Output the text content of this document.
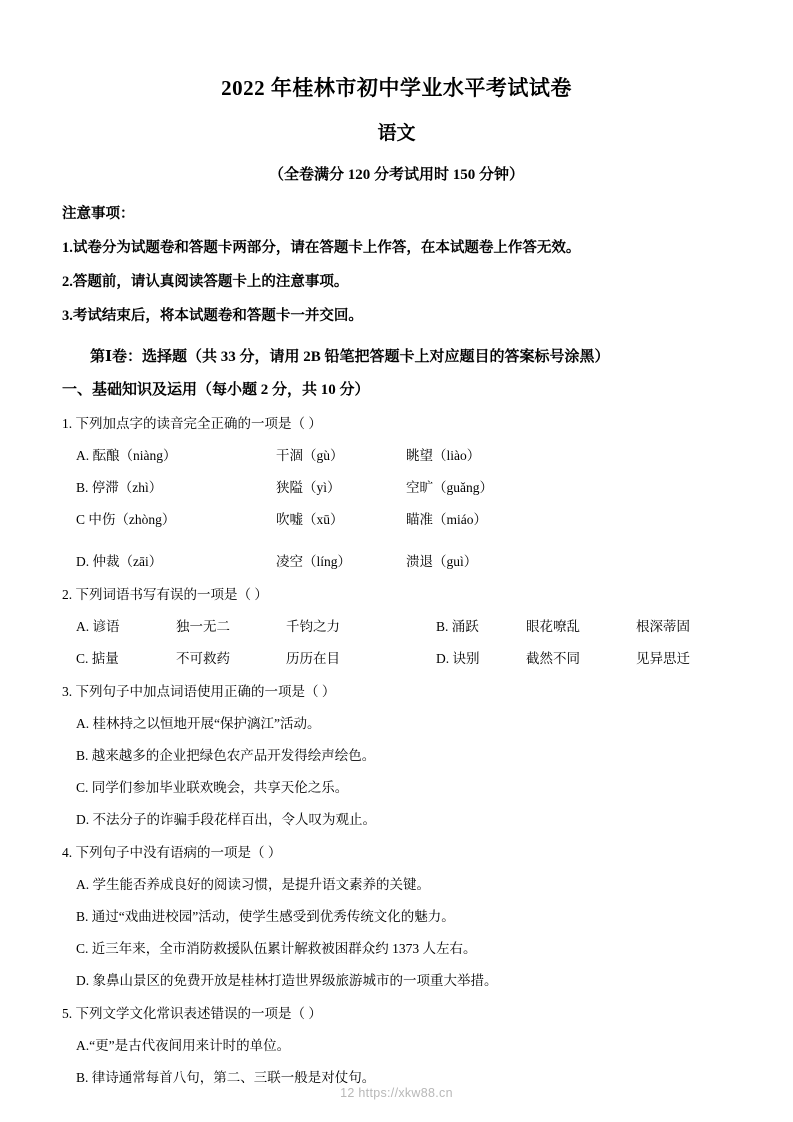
2022 年桂林市初中学业水平考试试卷
语文
（全卷满分 120 分考试用时 150 分钟）
注意事项：
1.试卷分为试题卷和答题卡两部分，请在答题卡上作答，在本试题卷上作答无效。
2.答题前，请认真阅读答题卡上的注意事项。
3.考试结束后，将本试题卷和答题卡一并交回。
第Ⅰ卷：选择题（共 33 分，请用 2B 铅笔把答题卡上对应题目的答案标号涂黑）
一、基础知识及运用（每小题 2 分，共 10 分）
1. 下列加点字的读音完全正确的一项是（ ）
A. 酝酿（niàng）	干涸（gù）	眺望（liào）
B. 停滞（zhì）	狭隘（yì）	空旷（guǎng）
C 中伤（zhòng）	吹嘘（xū）	瞄准（miáo）
D. 仲裁（zāi）	凌空（líng）	溃退（guì）
2. 下列词语书写有误的一项是（ ）
A. 谚语	独一无二	千钧之力	B. 涌跃	眼花嘹乱	根深蒂固
C. 掂量	不可救药	历历在目	D. 诀别	截然不同	见异思迁
3. 下列句子中加点词语使用正确的一项是（ ）
A. 桂林持之以恒地开展“保护漓江”活动。
B. 越来越多的企业把绿色农产品开发得绘声绘色。
C. 同学们参加毕业联欢晚会，共享天伦之乐。
D. 不法分子的诈骗手段花样百出，令人叹为观止。
4. 下列句子中没有语病的一项是（ ）
A. 学生能否养成良好的阅读习惯，是提升语文素养的关键。
B. 通过“戏曲进校园”活动，使学生感受到优秀传统文化的魅力。
C. 近三年来，全市消防救援队伍累计解救被困群众约 1373 人左右。
D. 象鼻山景区的免费开放是桂林打造世界级旅游城市的一项重大举措。
5. 下列文学文化常识表述错误的一项是（ ）
A.“更”是古代夜间用来计时的单位。
B. 律诗通常每首八句，第二、三联一般是对仗句。
12 https://xkw88.cn
